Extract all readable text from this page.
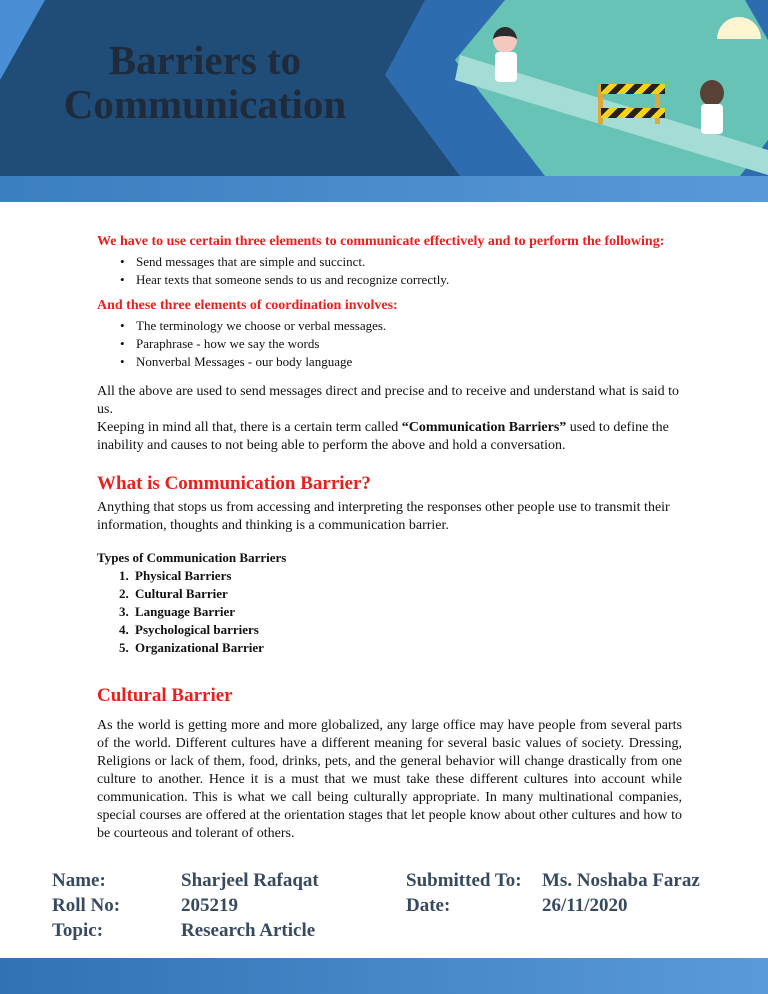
Barriers to
Communication
We have to use certain three elements to communicate effectively and to perform the following:
• Send messages that are simple and succinct.
• Hear texts that someone sends to us and recognize correctly.
And these three elements of coordination involves:
• The terminology we choose or verbal messages.
• Paraphrase - how we say the words
• Nonverbal Messages - our body language

All the above are used to send messages direct and precise and to receive and understand what is said to us.

Keeping in mind all that, there is a certain term called “Communication Barriers” used to define the inability and causes to not being able to perform the above and hold a conversation.

What is Communication Barrier?

Anything that stops us from accessing and interpreting the responses other people use to transmit their information, thoughts and thinking is a communication barrier.

Types of Communication Barriers

1. Physical Barriers
2. Cultural Barrier
3. Language Barrier
4. Psychological barriers
5. Organizational Barrier
Cultural Barrier

As the world is getting more and more globalized, any large office may have people from several parts of the world. Different cultures have a different meaning for several basic values of society. Dressing, Religions or lack of them, food, drinks, pets, and the general behavior will change drastically from one culture to another. Hence it is a must that we must take these different cultures into account while communication. This is what we call being culturally appropriate. In many multinational companies, special courses are offered at the orientation stages that let people know about other cultures and how to be courteous and tolerant of others.

Name:
Roll No:
Topic:
Sharjeel Rafaqat
205219
Research Article
Submitted To:
Date:
Ms. Noshaba Faraz
26/11/2020
